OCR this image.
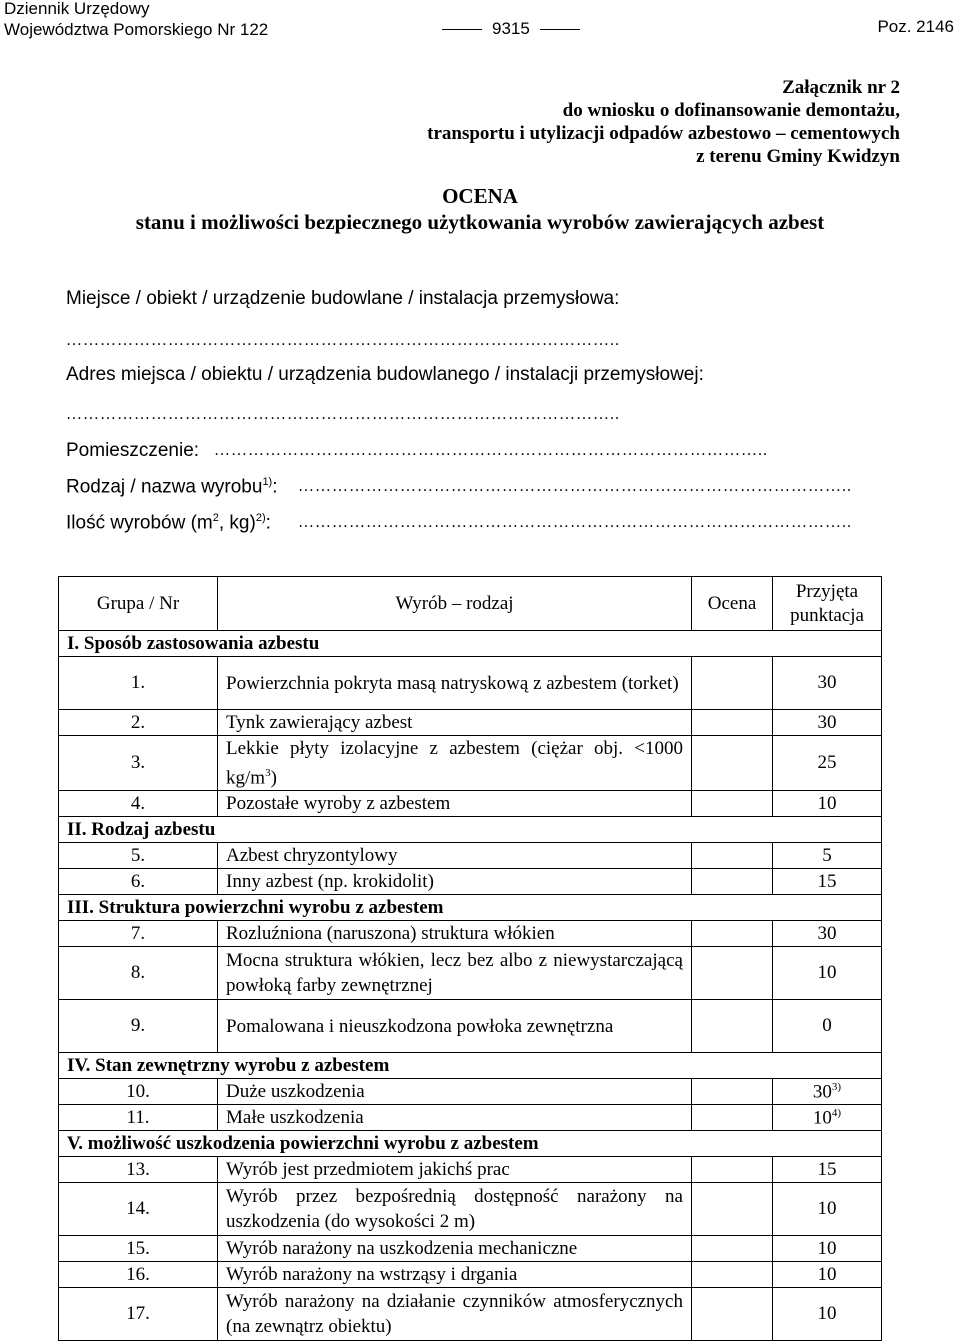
Dziennik Urzędowy
Województwa Pomorskiego Nr 122	9315	Poz. 2146
Załącznik nr 2
do wniosku o dofinansowanie demontażu,
transportu i utylizacji odpadów azbestowo – cementowych
z terenu Gminy Kwidzyn
OCENA
stanu i możliwości bezpiecznego użytkowania wyrobów zawierających azbest
Miejsce / obiekt / urządzenie budowlane / instalacja przemysłowa:
……………………………………………………………………………………..
Adres miejsca / obiektu / urządzenia budowlanego / instalacji przemysłowej:
……………………………………………………………………………………..
Pomieszczenie: ……………………………………………………………………………………..
Rodzaj / nazwa wyrobu$^{1)}$: ……………………………………………………………………………………..
Ilość wyrobów ($m^2$, kg)$^{2)}$: ……………………………………………………………………………………..
Grupa / Nr	Wyrób – rodzaj	Ocena	Przyjęta punktacja
I. Sposób zastosowania azbestu			
1.	Powierzchnia pokryta masą natryskową z azbestem (torket)		30
2.	Tynk zawierający azbest		30
3.	Lekkie płyty izolacyjne z azbestem (ciężar obj. <1000 $kg/m^3$)		25
4.	Pozostałe wyroby z azbestem		10
II. Rodzaj azbestu			
5.	Azbest chryzontylowy		5
6.	Inny azbest (np. krokidolit)		15
III. Struktura powierzchni wyrobu z azbestem			
7.	Rozluźniona (naruszona) struktura włókien		30
8.	Mocna struktura włókien, lecz bez albo z niewystarczającą powłoką farby zewnętrznej		10
9.	Pomalowana i nieuszkodzona powłoka zewnętrzna		0
IV. Stan zewnętrzny wyrobu z azbestem			
10.	Duże uszkodzenia		30$^{3)}$
11.	Małe uszkodzenia		10$^{4)}$
V. możliwość uszkodzenia powierzchni wyrobu z azbestem			
13.	Wyrób jest przedmiotem jakichś prac		15
14.	Wyrób przez bezpośrednią dostępność narażony na uszkodzenia (do wysokości 2 m)		10
15.	Wyrób narażony na uszkodzenia mechaniczne		10
16.	Wyrób narażony na wstrząsy i drgania		10
17.	Wyrób narażony na działanie czynników atmosferycznych (na zewnątrz obiektu)		10
